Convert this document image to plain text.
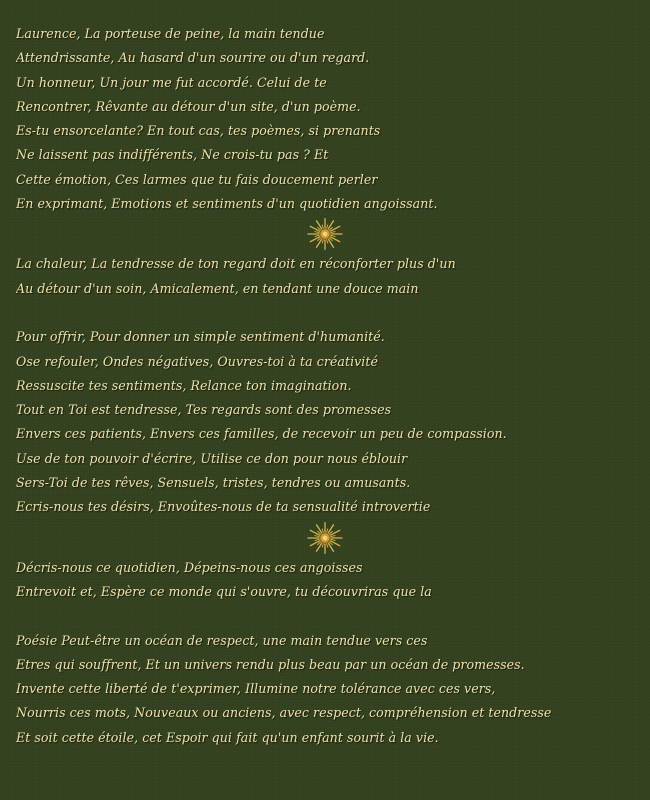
Laurence, La porteuse de peine, la main tendue
Attendrissante, Au hasard d'un sourire ou d'un regard.
Un honneur, Un jour me fut accordé. Celui de te
Rencontrer, Rêvante au détour d'un site, d'un poème.
Es-tu ensorcelante? En tout cas, tes poèmes, si prenants
Ne laissent pas indifférents, Ne crois-tu pas ? Et
Cette émotion, Ces larmes que tu fais doucement perler
En exprimant, Emotions et sentiments d'un quotidien angoissant.
La chaleur, La tendresse de ton regard doit en réconforter plus d'un
Au détour d'un soin, Amicalement, en tendant une douce main
Pour offrir, Pour donner un simple sentiment d'humanité.
Ose refouler, Ondes négatives, Ouvres-toi à ta créativité
Ressuscite tes sentiments, Relance ton imagination.
Tout en Toi est tendresse, Tes regards sont des promesses
Envers ces patients, Envers ces familles, de recevoir un peu de compassion.
Use de ton pouvoir d'écrire, Utilise ce don pour nous éblouir
Sers-Toi de tes rêves, Sensuels, tristes, tendres ou amusants.
Ecris-nous tes désirs, Envoûtes-nous de ta sensualité introvertie
Décris-nous ce quotidien, Dépeins-nous ces angoisses
Entrevoit et, Espère ce monde qui s'ouvre, tu découvriras que la
Poésie Peut-être un océan de respect, une main tendue vers ces
Etres qui souffrent, Et un univers rendu plus beau par un océan de promesses.
Invente cette liberté de t'exprimer, Illumine notre tolérance avec ces vers,
Nourris ces mots, Nouveaux ou anciens, avec respect, compréhension et tendresse
Et soit cette étoile, cet Espoir qui fait qu'un enfant sourit à la vie.
